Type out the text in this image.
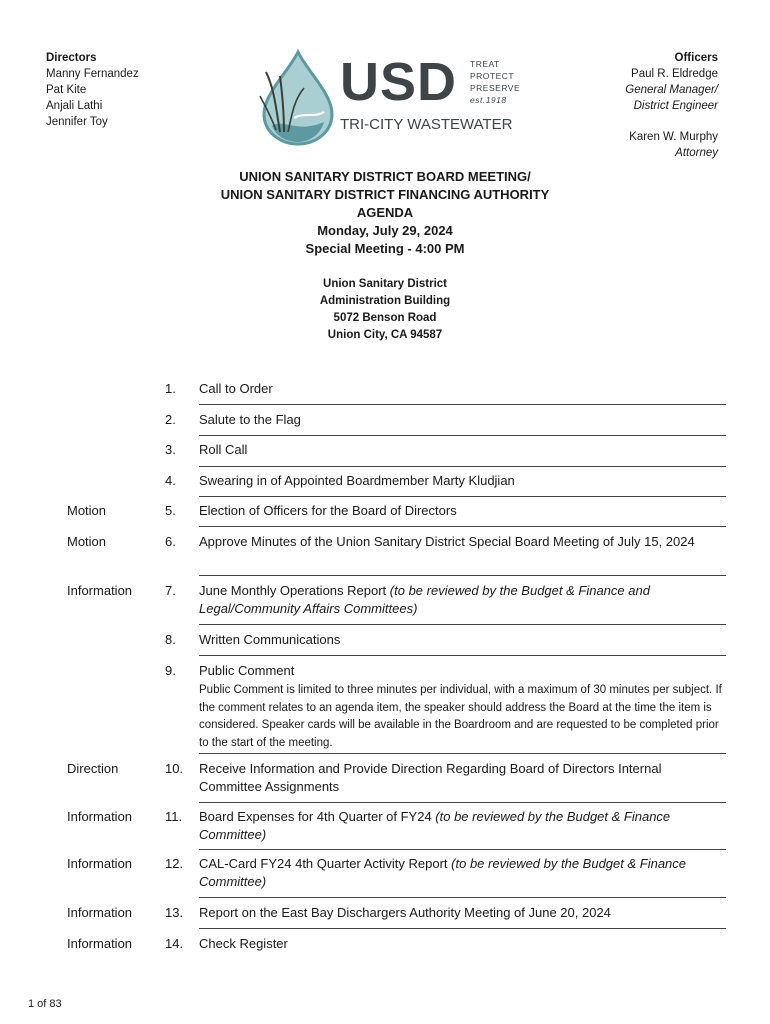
Directors
Manny Fernandez
Pat Kite
Anjali Lathi
Jennifer Toy
USD TREAT
PROTECT
PRESERVE
est.1918
TRI-CITY WASTEWATER
Officers
Paul R. Eldredge
General Manager/
District Engineer
Karen W. Murphy
Attorney
UNION SANITARY DISTRICT BOARD MEETING/
UNION SANITARY DISTRICT FINANCING AUTHORITY
AGENDA
Monday, July 29, 2024
Special Meeting - 4:00 PM
Union Sanitary District
Administration Building
5072 Benson Road
Union City, CA 94587
1. Call to Order
2. Salute to the Flag
3. Roll Call
4. Swearing in of Appointed Boardmember Marty Kludjian
Motion	5. Election of Officers for the Board of Directors
Motion	6. Approve Minutes of the Union Sanitary District Special Board Meeting of July 15, 2024
Information	7. June Monthly Operations Report (to be reviewed by the Budget & Finance and Legal/Community Affairs Committees)
8. Written Communications
9. Public Comment
Public Comment is limited to three minutes per individual, with a maximum of 30 minutes per subject. If the comment relates to an agenda item, the speaker should address the Board at the time the item is considered. Speaker cards will be available in the Boardroom and are requested to be completed prior to the start of the meeting.
Direction	10. Receive Information and Provide Direction Regarding Board of Directors Internal Committee Assignments
Information	11. Board Expenses for 4th Quarter of FY24 (to be reviewed by the Budget & Finance Committee)
Information	12. CAL-Card FY24 4th Quarter Activity Report (to be reviewed by the Budget & Finance Committee)
Information	13. Report on the East Bay Dischargers Authority Meeting of June 20, 2024
Information	14. Check Register
1 of 83
